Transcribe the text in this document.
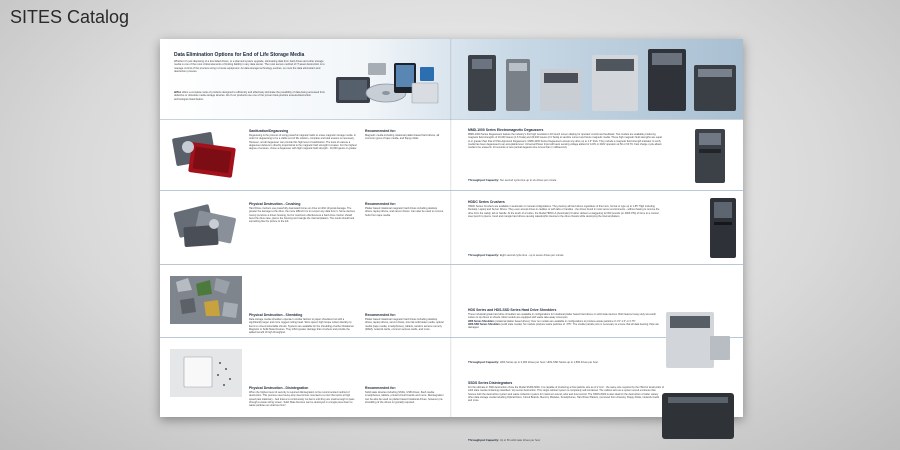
SITES Catalog
Data Elimination Options for End of Life Storage Media
Whether it's just disposing of a few failed drives, or a planned system upgrade, eliminating data from hard drives and other storage media is one of the most critical elements of limiting liability in any data center. The most secure method of IT asset destruction is to manage control of the process using in-house equipment. As data storage technology evolves, so must the data elimination and destruction process.
allTec offers a complete suite of products designed to efficiently and effectively eliminate the possibility of data being accessed from defective or obsolete media storage devices. All of our products use one of the proven best-practice erasure/destruction technologies listed below.
Sanitization/Degaussing
Degaussing is the process of using powerful magnetic fields to erase magnetic storage media. In order for degaussing to be a viable end of life solution, complete and total erasure is necessary. However, not all degausser can provide this high level of sanitization. The level of erasure a degausser delivers is directly proportional to the magnetic field strength it creates. For the highest degree of erasure, chose a degausser with high magnetic field strength - 16,000 gauss or greater.
Recommended for:
Magnetic media including rotational platter-based hard drives, all common types of tape media, and floppy disks.
MMD-1000 Series Electromagnetic Degaussers
MMD-1000 Series Degaussers feature the industry's first high resolution LCD touch screen display for operator control and feedback. Two models are available producing magnetic field strengths of 16,000 Gauss (1.6 Tesla) and 20,000 Gauss (2.0 Tesla) to sanitize current and future magnetic media. These high magnetic field strengths are equal to or greater than that of NSA-Approved Degaussers. MMD-1000 Series Degaussers accept any drive up to 1.6" thick. They include a magnetic field strength indicator to verify media has been degaussed to an acceptable level. Universal Power Input with auto sensing voltage allows for 120V or 240V operation at 50 or 60 Hz. Fast charge cycle allows media to be erased in 10 seconds or less (actual degauss time is less than 1 millisecond).
Throughput Capacity: Ten second cycle time up to six drives per minute
Physical Destruction - Crushing
Hard Drive crushers use powerfully downward forces on drive to inflict physical damage. The greater the damage to the drive, the more difficult it is to recover any data from it. Some devices merely puncture a drives housing, but for maximum effectiveness a hard drive crusher should bend the drive case, pierce the housing and mangle the internal platters. The result should look something like the picture to the left.
Recommended for:
Platter based rotational magnetic hard drives including desktop drives, laptop drives, and server drives. Can also be used to remove hubs from tape media.
HDDC Series Crushers
HDDC Series Crushers are available in automatic or manual configurations. They destroy all hard drives regardless of their size, format or type up to 1.85" High including Desktop, Laptop and Server Drives. They even accept drives in caddies or with tabs or handles - the drives found in most server environments - without having to remove the drive from the caddy, tab or handle. At the touch of a button, the Model HDDC-A (Automatic) Crusher delivers a staggering 12,000 pounds (or 490K PSI) of force to a conical steel punch to pierce, bend and mangle hard drives causing catastrophic trauma to the drive chassis while destroying the internal platters.
Throughput Capacity: Eight second cycle time - up to seven drives per minute
Physical Destruction - Shredding
Data storage media shredders operate in similar fashion to paper shredders but with a significantly larger and more rugged cutting head. Slow speed, high torque cutters literally rip items to unreconstructable shreds. Systems are available for the shredding of either Rotational Magnetic or Solid State Devices. They inflict greater damage than crushers and provide the added benefit of high throughput.
Recommended for:
Platter based rotational magnetic hard drives including desktop drives, laptop drives, server drives, low risk solid state media, optical media (tape media, smartphones), tablets, random access memory (RAM), network cards, common access cards, and more.
HDS Series and HDS-SSD Series Hard Drive Shredders
These industrial grade hard drive shredders are available in configurations for rotational platter based hard drives or solid state devices. Both feature heavy-duty two-tooth cutters to rip drives to shreds. Most models are equipped with waste take-away conveyors.
HDS Series Shredders (rotational platter based drives): Over ten models are available in configurations to produce waste particles of 1.5"-1.0" or 0.75".
HDS-SSD Series Shredders (solid state media): Six models produce waste particles of .375". The smaller particle size is necessary to ensure that all data bearing chips are damaged.
Throughput Capacity: HDS Series up to 3,000 drives per hour; HDS-SSD Series up to 1,500 drives per hour
Physical Destruction - Disintegration
When the highest level of security is required disintegration is the recommended method of destruction. This process uses heavy-duty steel knives mounted to a rotor that spins at high speed past stationary - bed knives to continuously cut items until they are small enough to pass through a waste sizing screen. Solid State Devices can be destroyed in a single pass down to waste particles as small as 2mm!
Recommended for:
Solid state devices including SSDs, USB drives, flash media, smartphones, tablets, printed circuit boards and more. Disintegration can be also be used on platter based rotational drives, however pre-shredding of the drives is typically required.
SSDS Series Disintegrators
For the ultimate in SSD destruction chose the Model SSDS-6000. It is capable of producing a final particle size as of 2 mm! - the same size required by the NSA for destruction of solid state media containing classified / top secret destruction. This single cabinet system is completely self-contained. The cabinet acts as a system sound enclosure that houses both the destruction system and waste collection system for maximum sound, odor and dust control. The SSDS-6000 is also ideal for the destruction of wider variety other data storage media including Optical Discs, Circuit Boards, Memory Modules, Smartphones, Hard Drive Platters, (removed from chassis), Floppy Disks, Network Cards and more.
Throughput Capacity: Up to 50 solid state drives per hour
